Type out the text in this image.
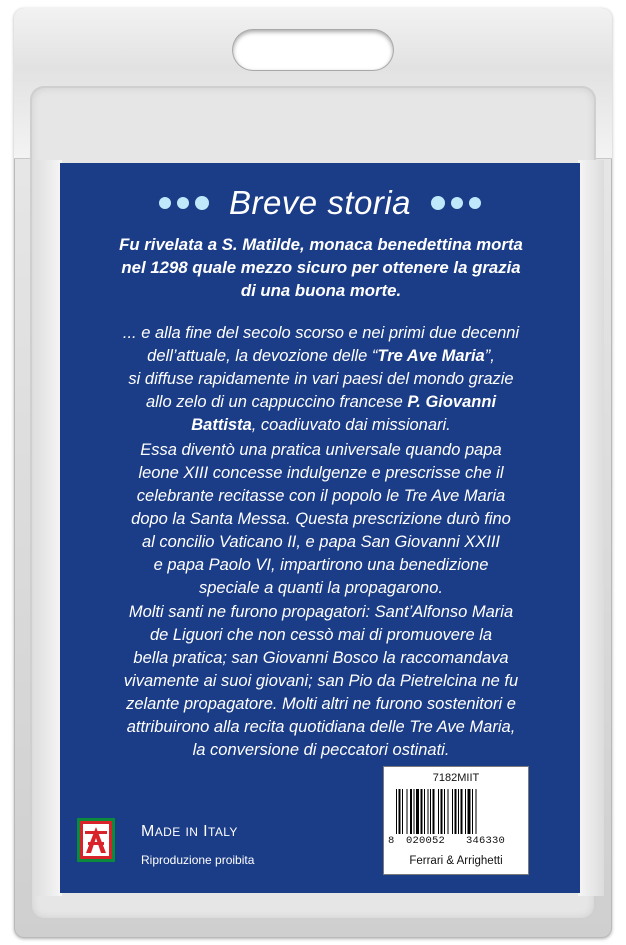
Breve storia
Fu rivelata a S. Matilde, monaca benedettina morta
nel 1298 quale mezzo sicuro per ottenere la grazia
di una buona morte.
... e alla fine del secolo scorso e nei primi due decenni
dell’attuale, la devozione delle “Tre Ave Maria”,
si diffuse rapidamente in vari paesi del mondo grazie
allo zelo di un cappuccino francese P. Giovanni
Battista, coadiuvato dai missionari.
Essa diventò una pratica universale quando papa
leone XIII concesse indulgenze e prescrisse che il
celebrante recitasse con il popolo le Tre Ave Maria
dopo la Santa Messa. Questa prescrizione durò fino
al concilio Vaticano II, e papa San Giovanni XXIII
e papa Paolo VI, impartirono una benedizione
speciale a quanti la propagarono.
Molti santi ne furono propagatori: Sant’Alfonso Maria
de Liguori che non cessò mai di promuovere la
bella pratica; san Giovanni Bosco la raccomandava
vivamente ai suoi giovani; san Pio da Pietrelcina ne fu
zelante propagatore. Molti altri ne furono sostenitori e
attribuirono alla recita quotidiana delle Tre Ave Maria,
la conversione di peccatori ostinati.
7182MIIT
8 020052 346330
Ferrari & Arrighetti
MADE IN ITALY
Riproduzione proibita
